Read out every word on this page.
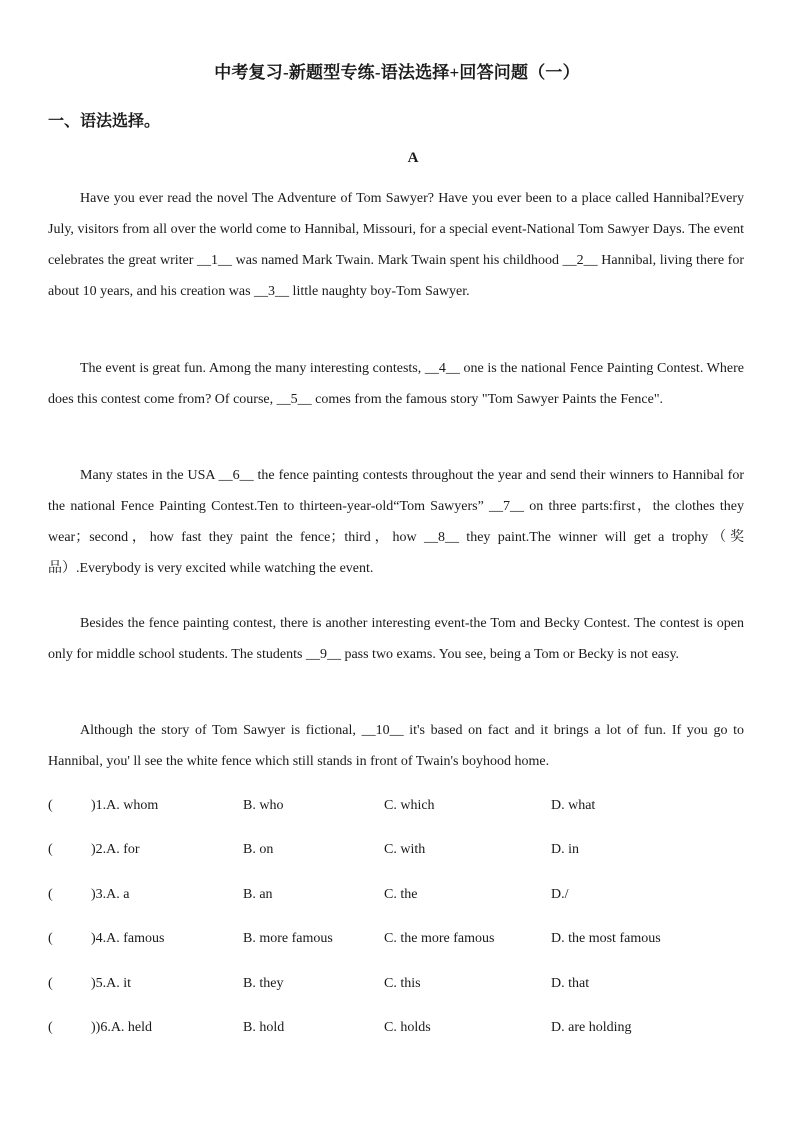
中考复习-新题型专练-语法选择+回答问题（一）
一、语法选择。
A
Have you ever read the novel The Adventure of Tom Sawyer? Have you ever been to a place called Hannibal?Every July, visitors from all over the world come to Hannibal, Missouri, for a special event-National Tom Sawyer Days. The event celebrates the great writer __1__ was named Mark Twain. Mark Twain spent his childhood __2__ Hannibal, living there for about 10 years, and his creation was __3__ little naughty boy-Tom Sawyer.
The event is great fun. Among the many interesting contests, __4__ one is the national Fence Painting Contest. Where does this contest come from? Of course, __5__ comes from the famous story "Tom Sawyer Paints the Fence".
Many states in the USA __6__ the fence painting contests throughout the year and send their winners to Hannibal for the national Fence Painting Contest.Ten to thirteen-year-old“Tom Sawyers” __7__ on three parts:first，the clothes they wear；second，how fast they paint the fence；third，how __8__ they paint.The winner will get a trophy（奖品）.Everybody is very excited while watching the event.
Besides the fence painting contest, there is another interesting event-the Tom and Becky Contest. The contest is open only for middle school students. The students __9__ pass two exams. You see, being a Tom or Becky is not easy.
Although the story of Tom Sawyer is fictional, __10__ it's based on fact and it brings a lot of fun. If you go to Hannibal, you' ll see the white fence which still stands in front of Twain's boyhood home.
(	)1.A. whom	B. who	C. which	D. what
(	)2.A. for	B. on	C. with	D. in
(	)3.A. a	B. an	C. the	D./
(	)4.A. famous	B. more famous	C. the more famous	D. the most famous
(	)5.A. it	B. they	C. this	D. that
(	))6.A. held	B. hold	C. holds	D. are holding
